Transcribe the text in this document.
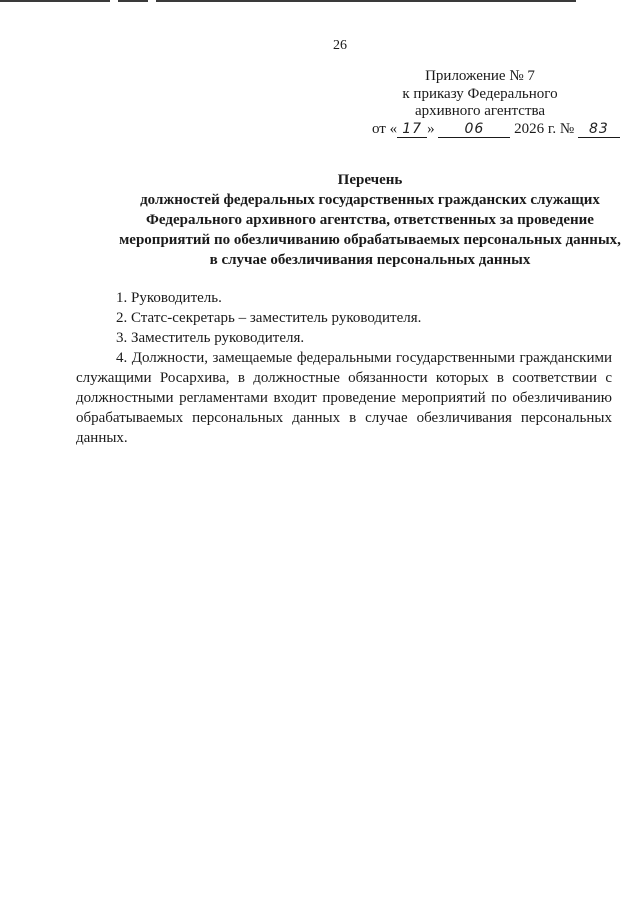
26
Приложение № 7
к приказу Федерального
архивного агентства
от « 17 » 06 2026 г. № 83
Перечень
должностей федеральных государственных гражданских служащих
Федерального архивного агентства, ответственных за проведение
мероприятий по обезличиванию обрабатываемых персональных данных,
в случае обезличивания персональных данных

1. Руководитель.

2. Статс-секретарь – заместитель руководителя.

3. Заместитель руководителя.

4. Должности, замещаемые федеральными государственными гражданскими служащими Росархива, в должностные обязанности которых в соответствии с должностными регламентами входит проведение мероприятий по обезличиванию обрабатываемых персональных данных в случае обезличивания персональных данных.
